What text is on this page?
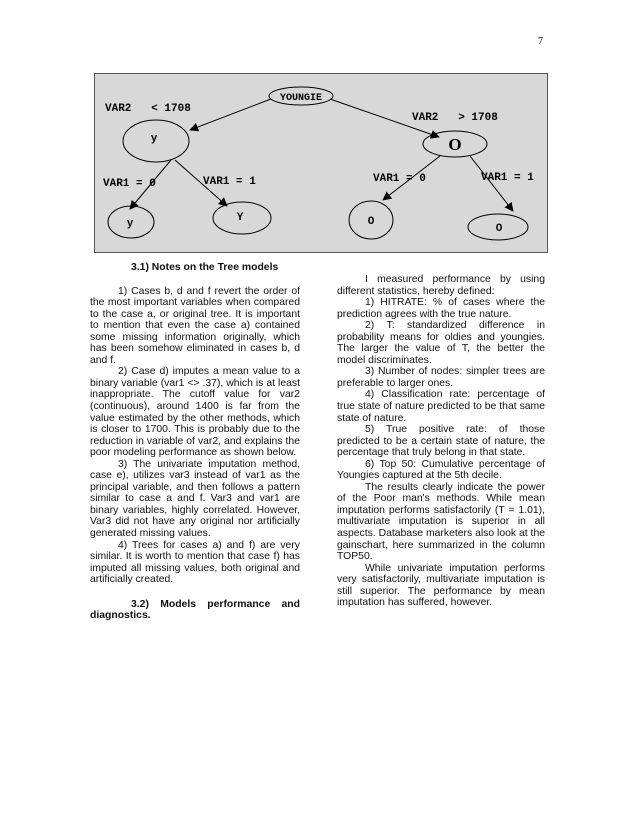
7
YOUNGIE
VAR2   < 1708
VAR2   > 1708
y	O
VAR1 = 0	VAR1 = 1	VAR1 = 0	VAR1 = 1
y	Y	O
O

3.1) Notes on the Tree models

1) Cases b, d and f revert the order of the most important variables when compared to the case a, or original tree. It is important to mention that even the case a) contained some missing information originally, which has been somehow eliminated in cases b, d and f.

2) Case d) imputes a mean value to a binary variable (var1 <> .37), which is at least inappropriate. The cutoff value for var2 (continuous), around 1400 is far from the value estimated by the other methods, which is closer to 1700. This is probably due to the reduction in variable of var2, and explains the poor modeling performance as shown below.

3) The univariate imputation method, case e), utilizes var3 instead of var1 as the principal variable, and then follows a pattern similar to case a and f. Var3 and var1 are binary variables, highly correlated. However, Var3 did not have any original nor artificially generated missing values.

4) Trees for cases a) and f) are very similar. It is worth to mention that case f) has imputed all missing values, both original and artificially created.

3.2) Models performance and diagnostics.

I measured performance by using different statistics, hereby defined:

1) HITRATE: % of cases where the prediction agrees with the true nature.

2) T: standardized difference in probability means for oldies and youngies. The larger the value of T, the better the model discriminates.

3) Number of nodes: simpler trees are preferable to larger ones.

4) Classification rate: percentage of true state of nature predicted to be that same state of nature.

5) True positive rate: of those predicted to be a certain state of nature, the percentage that truly belong in that state.

6) Top 50: Cumulative percentage of Youngies captured at the 5th decile.

The results clearly indicate the power of the Poor man's methods. While mean imputation performs satisfactorily (T = 1.01), multivariate imputation is superior in all aspects. Database marketers also look at the gainschart, here summarized in the column TOP50.

While univariate imputation performs very satisfactorily, multivariate imputation is still superior. The performance by mean imputation has suffered, however.
